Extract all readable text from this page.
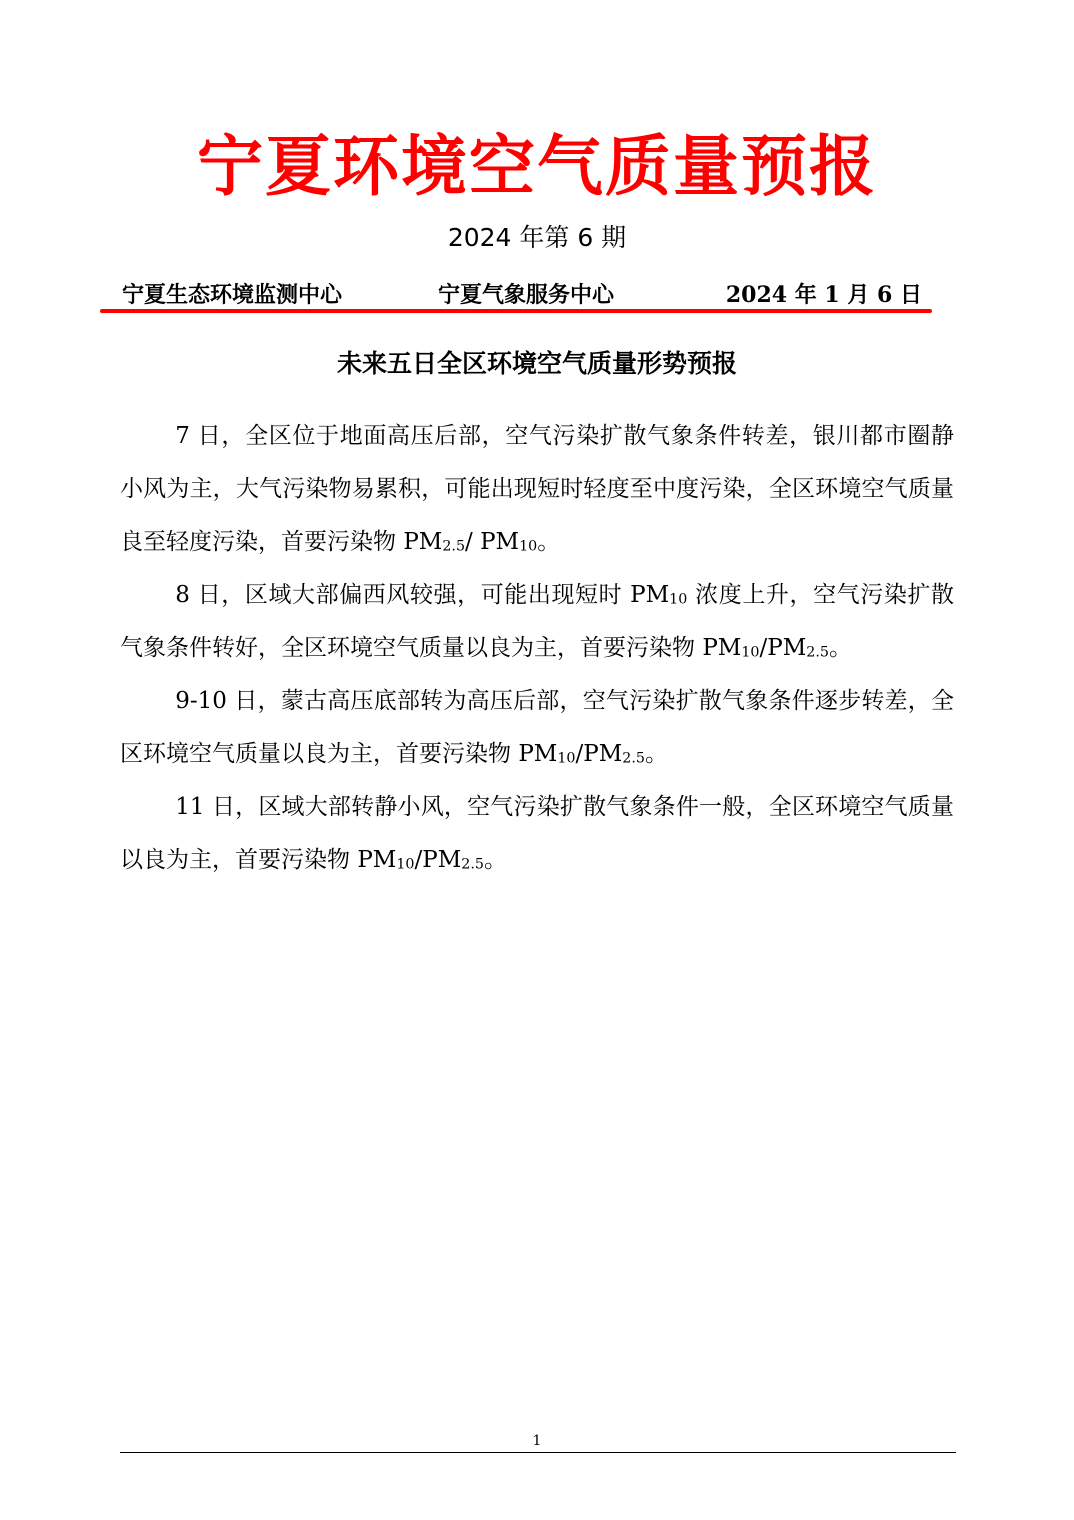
宁夏环境空气质量预报
2024 年第 6 期
宁夏生态环境监测中心	宁夏气象服务中心	2024 年 1 月 6 日
未来五日全区环境空气质量形势预报

7 日，全区位于地面高压后部，空气污染扩散气象条件转差，银川都市圈静小风为主，大气污染物易累积，可能出现短时轻度至中度污染，全区环境空气质量良至轻度污染，首要污染物 $PM_{2.5}/$ $PM_{10}$。

8 日，区域大部偏西风较强，可能出现短时 $PM_{10}$ 浓度上升，空气污染扩散气象条件转好，全区环境空气质量以良为主，首要污染物 $PM_{10}/PM_{2.5}$。

9-10 日，蒙古高压底部转为高压后部，空气污染扩散气象条件逐步转差，全区环境空气质量以良为主，首要污染物 $PM_{10}/PM_{2.5}$。

11 日，区域大部转静小风，空气污染扩散气象条件一般，全区环境空气质量以良为主，首要污染物 $PM_{10}/PM_{2.5}$。

1
